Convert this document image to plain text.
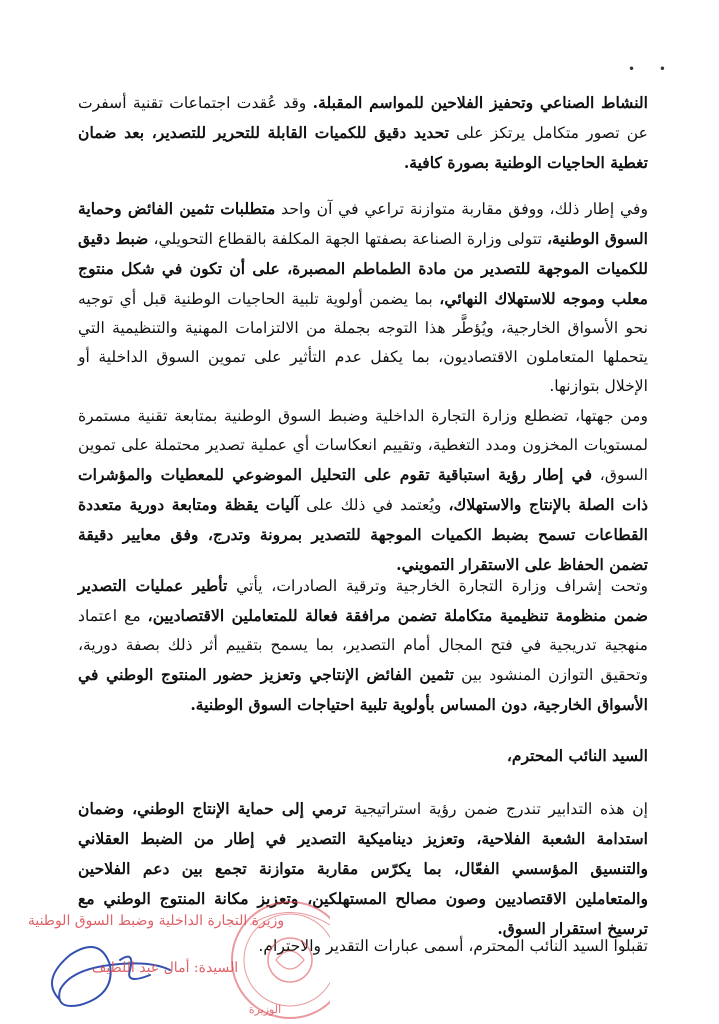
• •

النشاط الصناعي وتحفيز الفلاحين للمواسم المقبلة. وقد عُقدت اجتماعات تقنية أسفرت عن تصور متكامل يرتكز على تحديد دقيق للكميات القابلة للتحرير للتصدير، بعد ضمان تغطية الحاجيات الوطنية بصورة كافية.

وفي إطار ذلك، ووفق مقاربة متوازنة تراعي في آن واحد متطلبات تثمين الفائض وحماية السوق الوطنية، تتولى وزارة الصناعة بصفتها الجهة المكلفة بالقطاع التحويلي، ضبط دقيق للكميات الموجهة للتصدير من مادة الطماطم المصبرة، على أن تكون في شكل منتوج معلب وموجه للاستهلاك النهائي، بما يضمن أولوية تلبية الحاجيات الوطنية قبل أي توجيه نحو الأسواق الخارجية، ويُؤطَّر هذا التوجه بجملة من الالتزامات المهنية والتنظيمية التي يتحملها المتعاملون الاقتصاديون، بما يكفل عدم التأثير على تموين السوق الداخلية أو الإخلال بتوازنها.

ومن جهتها، تضطلع وزارة التجارة الداخلية وضبط السوق الوطنية بمتابعة تقنية مستمرة لمستويات المخزون ومدد التغطية، وتقييم انعكاسات أي عملية تصدير محتملة على تموين السوق، في إطار رؤية استباقية تقوم على التحليل الموضوعي للمعطيات والمؤشرات ذات الصلة بالإنتاج والاستهلاك، ويُعتمد في ذلك على آليات يقظة ومتابعة دورية متعددة القطاعات تسمح بضبط الكميات الموجهة للتصدير بمرونة وتدرج، وفق معايير دقيقة تضمن الحفاظ على الاستقرار التمويني.

وتحت إشراف وزارة التجارة الخارجية وترقية الصادرات، يأتي تأطير عمليات التصدير ضمن منظومة تنظيمية متكاملة تضمن مرافقة فعالة للمتعاملين الاقتصاديين، مع اعتماد منهجية تدريجية في فتح المجال أمام التصدير، بما يسمح بتقييم أثر ذلك بصفة دورية، وتحقيق التوازن المنشود بين تثمين الفائض الإنتاجي وتعزيز حضور المنتوج الوطني في الأسواق الخارجية، دون المساس بأولوية تلبية احتياجات السوق الوطنية.

السيد النائب المحترم،

إن هذه التدابير تندرج ضمن رؤية استراتيجية ترمي إلى حماية الإنتاج الوطني، وضمان استدامة الشعبة الفلاحية، وتعزيز ديناميكية التصدير في إطار من الضبط العقلاني والتنسيق المؤسسي الفعّال، بما يكرّس مقاربة متوازنة تجمع بين دعم الفلاحين والمتعاملين الاقتصاديين وصون مصالح المستهلكين، وتعزيز مكانة المنتوج الوطني مع ترسيخ استقرار السوق.

تقبلوا السيد النائب المحترم، أسمى عبارات التقدير والاحترام.

وزيرة التجارة الداخلية وضبط السوق الوطنية
السيدة: أمال عبد اللطيف
الوزيرة
